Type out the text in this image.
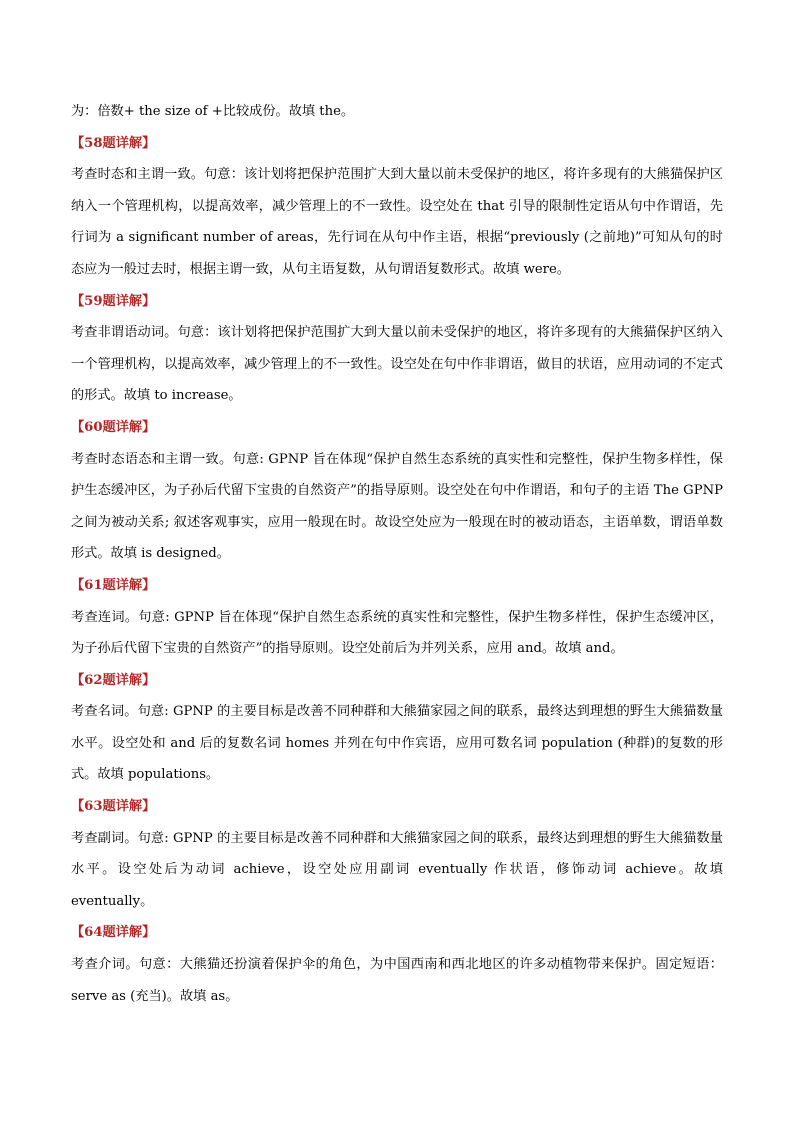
为：倍数+ the size of +比较成份。故填 the。

【58题详解】

考查时态和主谓一致。句意：该计划将把保护范围扩大到大量以前未受保护的地区，将许多现有的大熊猫保护区纳入一个管理机构，以提高效率，减少管理上的不一致性。设空处在 that 引导的限制性定语从句中作谓语，先行词为 a significant number of areas，先行词在从句中作主语，根据“previously (之前地)”可知从句的时态应为一般过去时，根据主谓一致，从句主语复数，从句谓语复数形式。故填 were。

【59题详解】

考查非谓语动词。句意：该计划将把保护范围扩大到大量以前未受保护的地区，将许多现有的大熊猫保护区纳入一个管理机构，以提高效率，减少管理上的不一致性。设空处在句中作非谓语，做目的状语，应用动词的不定式的形式。故填 to increase。

【60题详解】

考查时态语态和主谓一致。句意: GPNP 旨在体现“保护自然生态系统的真实性和完整性，保护生物多样性，保护生态缓冲区，为子孙后代留下宝贵的自然资产”的指导原则。设空处在句中作谓语，和句子的主语 The GPNP 之间为被动关系; 叙述客观事实，应用一般现在时。故设空处应为一般现在时的被动语态，主语单数，谓语单数形式。故填 is designed。

【61题详解】

考查连词。句意: GPNP 旨在体现“保护自然生态系统的真实性和完整性，保护生物多样性，保护生态缓冲区，为子孙后代留下宝贵的自然资产”的指导原则。设空处前后为并列关系，应用 and。故填 and。

【62题详解】

考查名词。句意: GPNP 的主要目标是改善不同种群和大熊猫家园之间的联系，最终达到理想的野生大熊猫数量水平。设空处和 and 后的复数名词 homes 并列在句中作宾语，应用可数名词 population (种群)的复数的形式。故填 populations。

【63题详解】

考查副词。句意: GPNP 的主要目标是改善不同种群和大熊猫家园之间的联系，最终达到理想的野生大熊猫数量水平。设空处后为动词 achieve，设空处应用副词 eventually 作状语，修饰动词 achieve。故填 eventually。

【64题详解】

考查介词。句意：大熊猫还扮演着保护伞的角色，为中国西南和西北地区的许多动植物带来保护。固定短语：serve as (充当)。故填 as。
